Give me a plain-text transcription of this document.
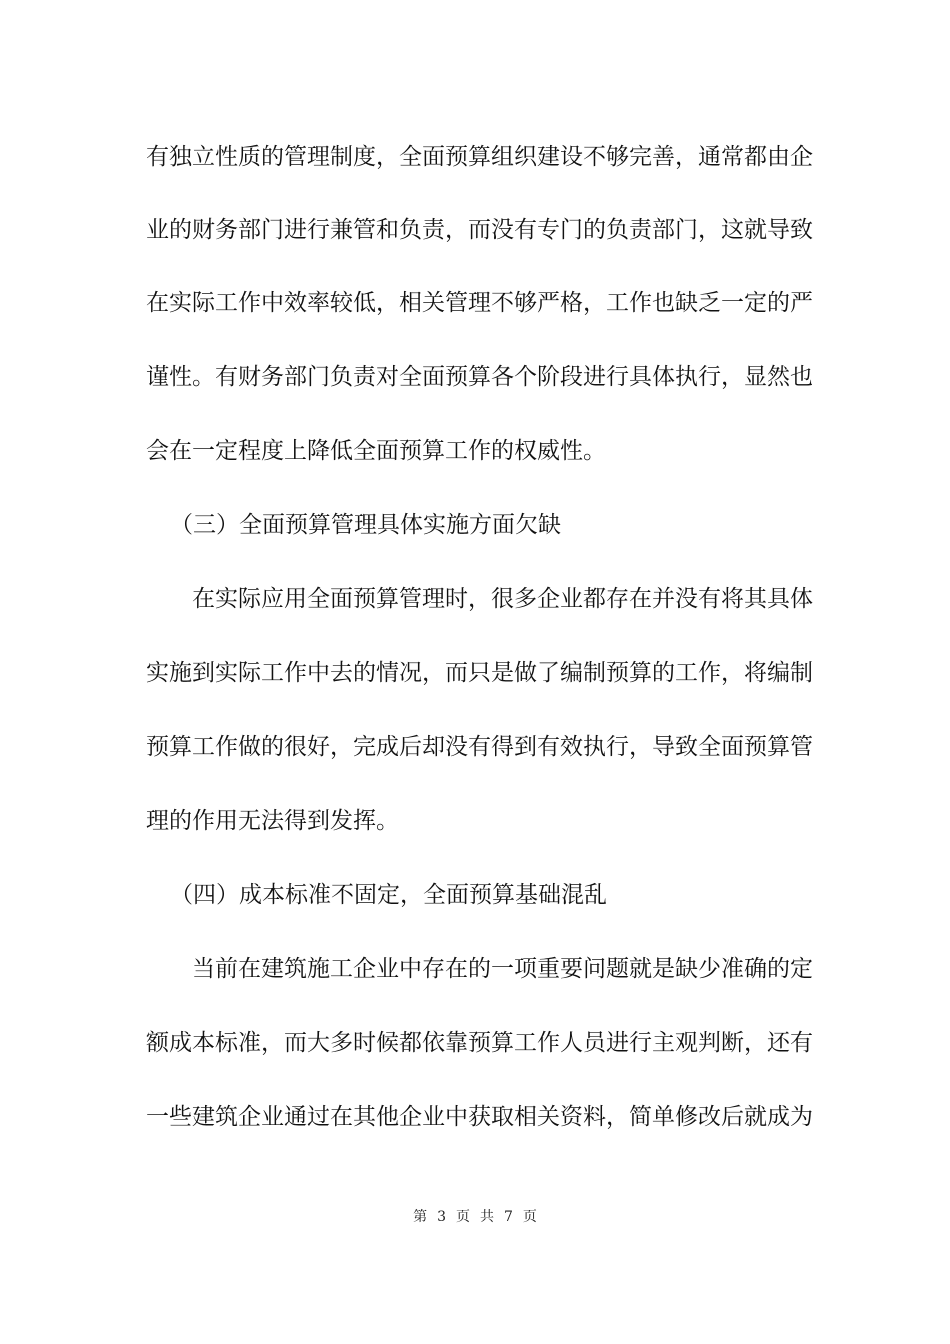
有独立性质的管理制度，全面预算组织建设不够完善，通常都由企
业的财务部门进行兼管和负责，而没有专门的负责部门，这就导致
在实际工作中效率较低，相关管理不够严格，工作也缺乏一定的严
谨性。有财务部门负责对全面预算各个阶段进行具体执行，显然也
会在一定程度上降低全面预算工作的权威性。
（三）全面预算管理具体实施方面欠缺
在实际应用全面预算管理时，很多企业都存在并没有将其具体
实施到实际工作中去的情况，而只是做了编制预算的工作，将编制
预算工作做的很好，完成后却没有得到有效执行，导致全面预算管
理的作用无法得到发挥。
（四）成本标准不固定，全面预算基础混乱
当前在建筑施工企业中存在的一项重要问题就是缺少准确的定
额成本标准，而大多时候都依靠预算工作人员进行主观判断，还有
一些建筑企业通过在其他企业中获取相关资料，简单修改后就成为
第 3 页 共 7 页
